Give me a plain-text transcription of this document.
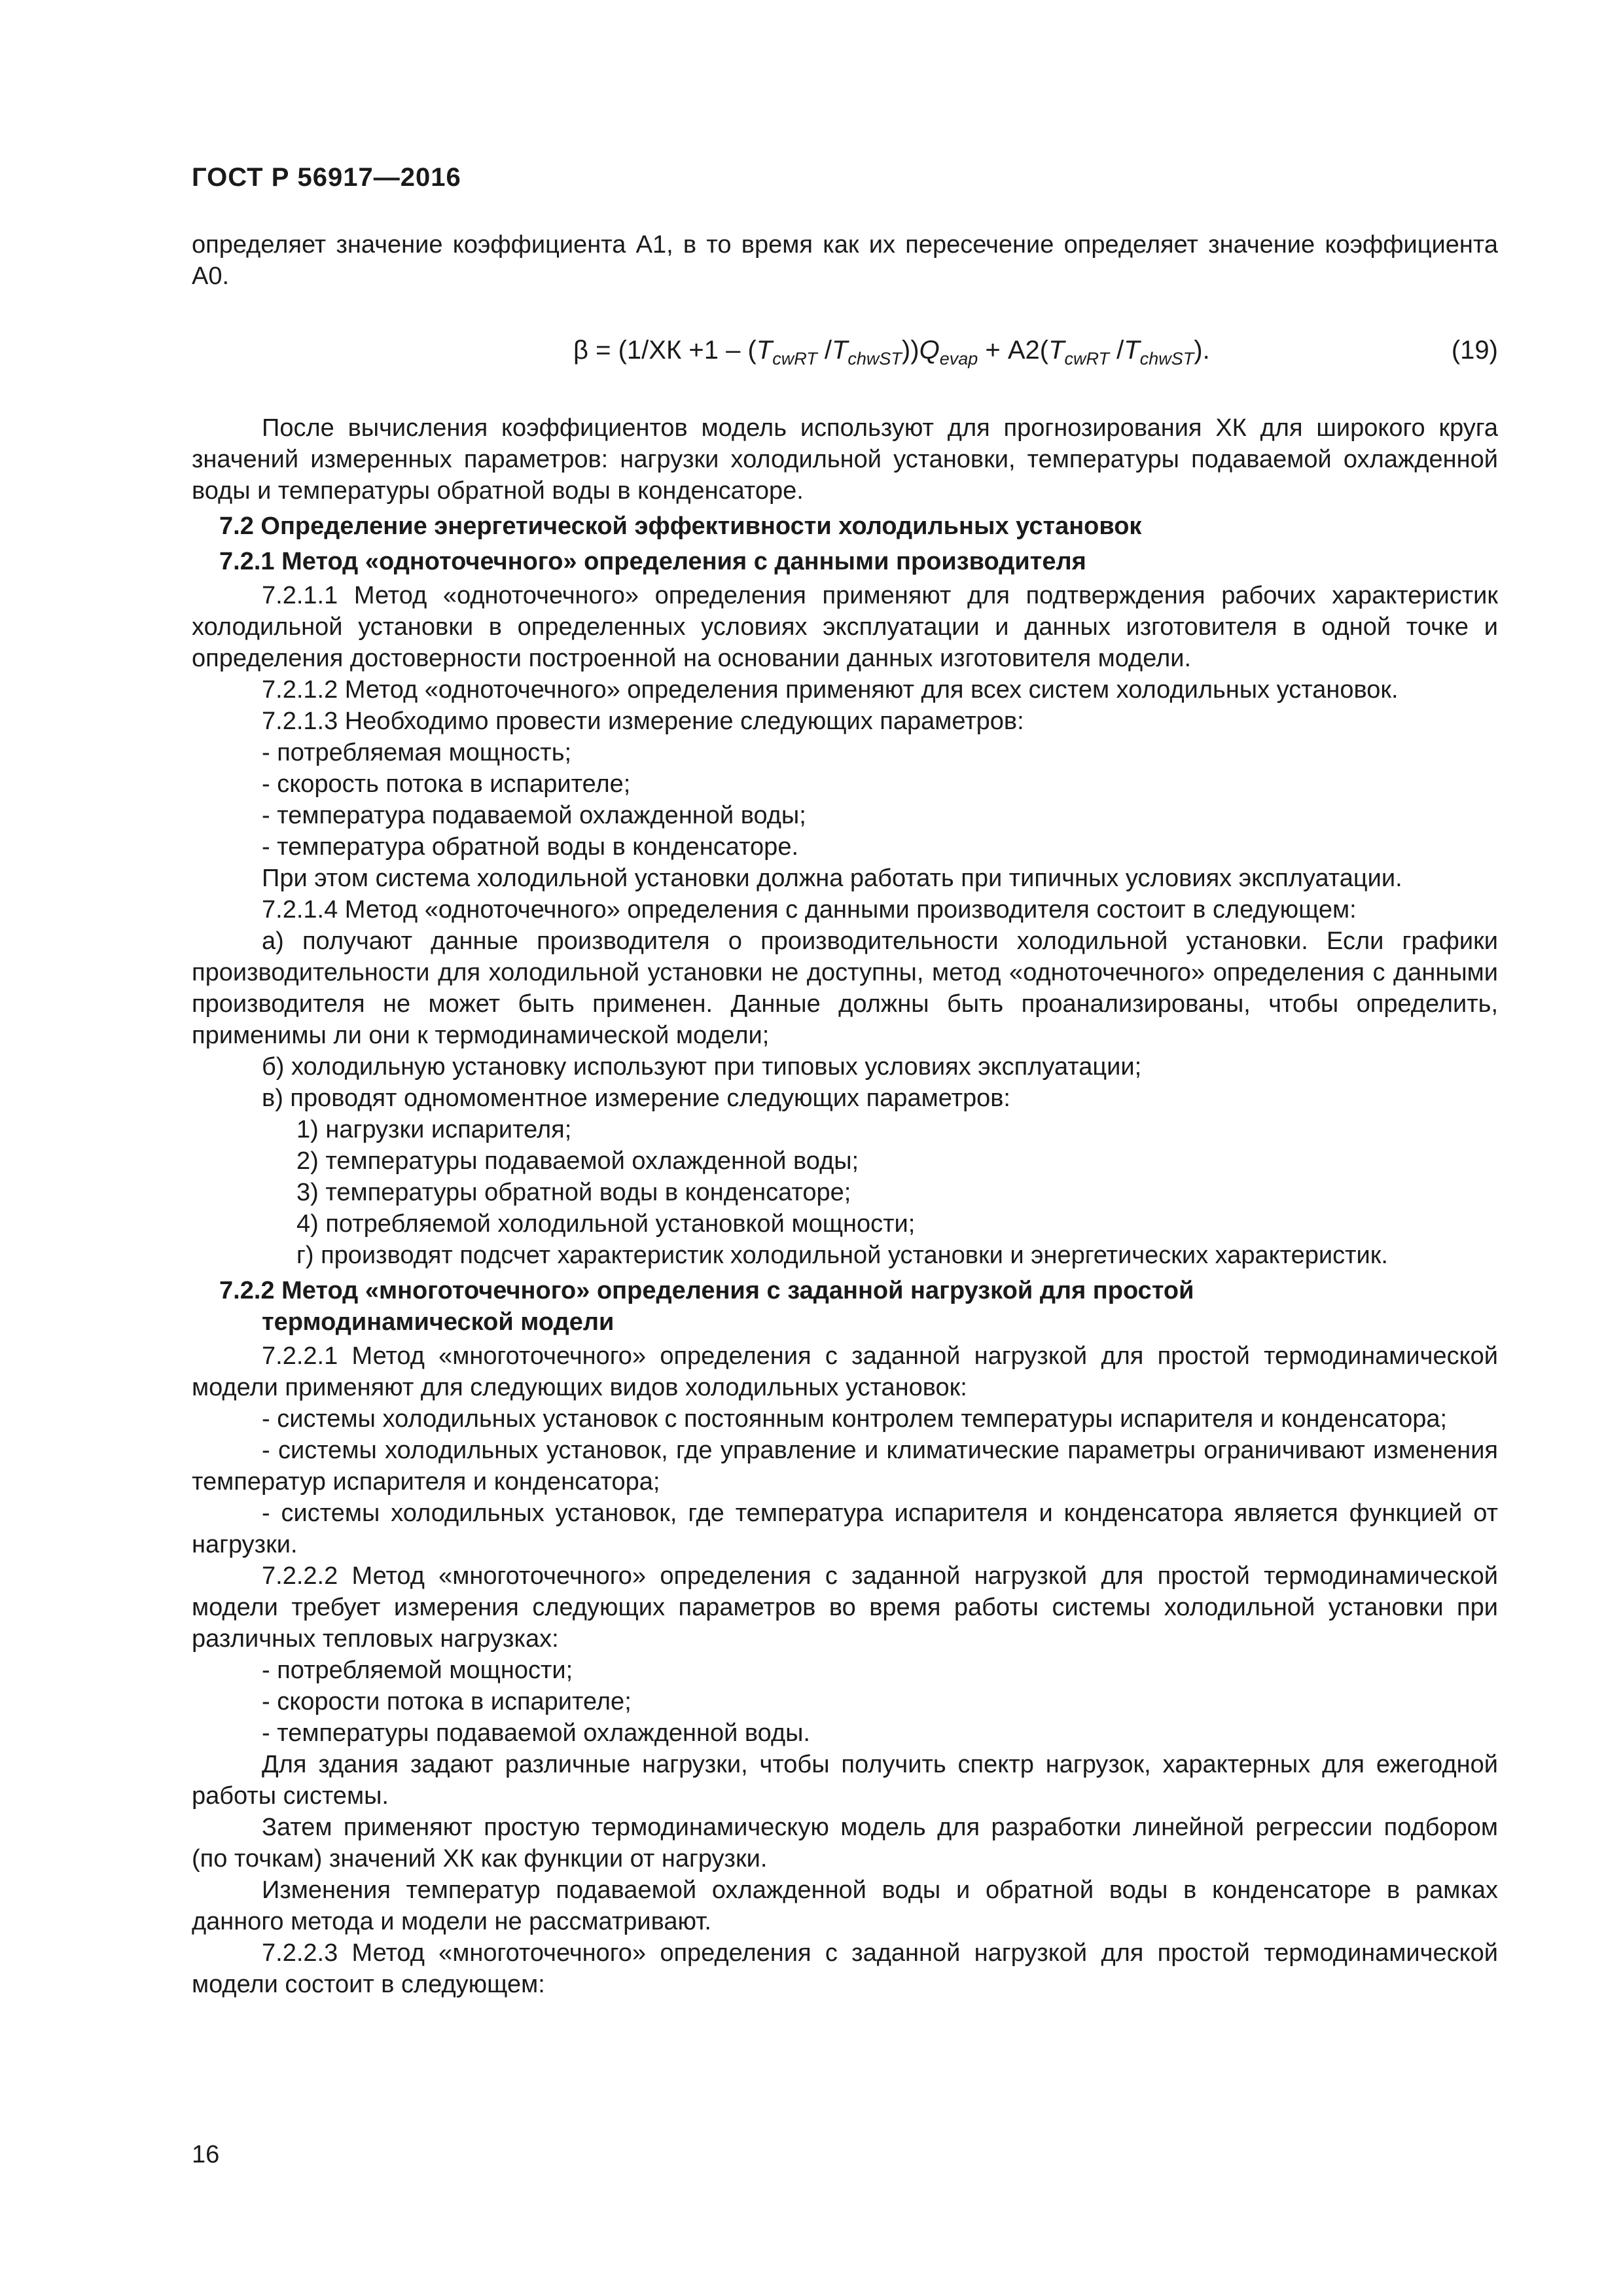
ГОСТ Р 56917—2016

определяет значение коэффициента А1, в то время как их пересечение определяет значение коэффициента А0.

$\beta = (1/ХК +1 - (T_{cwRT}$ $/T_{chwST}))Q_{evap} + А2(T_{cwRT}$ $/T_{chwST}$).	(19)

После вычисления коэффициентов модель используют для прогнозирования ХК для широкого круга значений измеренных параметров: нагрузки холодильной установки, температуры подаваемой охлажденной воды и температуры обратной воды в конденсаторе.

7.2 Определение энергетической эффективности холодильных установок
7.2.1 Метод «одноточечного» определения с данными производителя

7.2.1.1 Метод «одноточечного» определения применяют для подтверждения рабочих характеристик холодильной установки в определенных условиях эксплуатации и данных изготовителя в одной точке и определения достоверности построенной на основании данных изготовителя модели.

7.2.1.2 Метод «одноточечного» определения применяют для всех систем холодильных установок.

7.2.1.3 Необходимо провести измерение следующих параметров:

- потребляемая мощность;

- скорость потока в испарителе;

- температура подаваемой охлажденной воды;

- температура обратной воды в конденсаторе.

При этом система холодильной установки должна работать при типичных условиях эксплуатации.

7.2.1.4 Метод «одноточечного» определения с данными производителя состоит в следующем:

а) получают данные производителя о производительности холодильной установки. Если графики производительности для холодильной установки не доступны, метод «одноточечного» определения с данными производителя не может быть применен. Данные должны быть проанализированы, чтобы определить, применимы ли они к термодинамической модели;

б) холодильную установку используют при типовых условиях эксплуатации;

в) проводят одномоментное измерение следующих параметров:

1) нагрузки испарителя;

2) температуры подаваемой охлажденной воды;

3) температуры обратной воды в конденсаторе;

4) потребляемой холодильной установкой мощности;

г) производят подсчет характеристик холодильной установки и энергетических характеристик.

7.2.2 Метод «многоточечного» определения с заданной нагрузкой для простой
термодинамической модели

7.2.2.1 Метод «многоточечного» определения с заданной нагрузкой для простой термодинамической модели применяют для следующих видов холодильных установок:

- системы холодильных установок с постоянным контролем температуры испарителя и конденсатора;

- системы холодильных установок, где управление и климатические параметры ограничивают изменения температур испарителя и конденсатора;

- системы холодильных установок, где температура испарителя и конденсатора является функцией от нагрузки.

7.2.2.2 Метод «многоточечного» определения с заданной нагрузкой для простой термодинамической модели требует измерения следующих параметров во время работы системы холодильной установки при различных тепловых нагрузках:

- потребляемой мощности;

- скорости потока в испарителе;

- температуры подаваемой охлажденной воды.

Для здания задают различные нагрузки, чтобы получить спектр нагрузок, характерных для ежегодной работы системы.

Затем применяют простую термодинамическую модель для разработки линейной регрессии подбором (по точкам) значений ХК как функции от нагрузки.

Изменения температур подаваемой охлажденной воды и обратной воды в конденсаторе в рамках данного метода и модели не рассматривают.

7.2.2.3 Метод «многоточечного» определения с заданной нагрузкой для простой термодинамической модели состоит в следующем:

16
